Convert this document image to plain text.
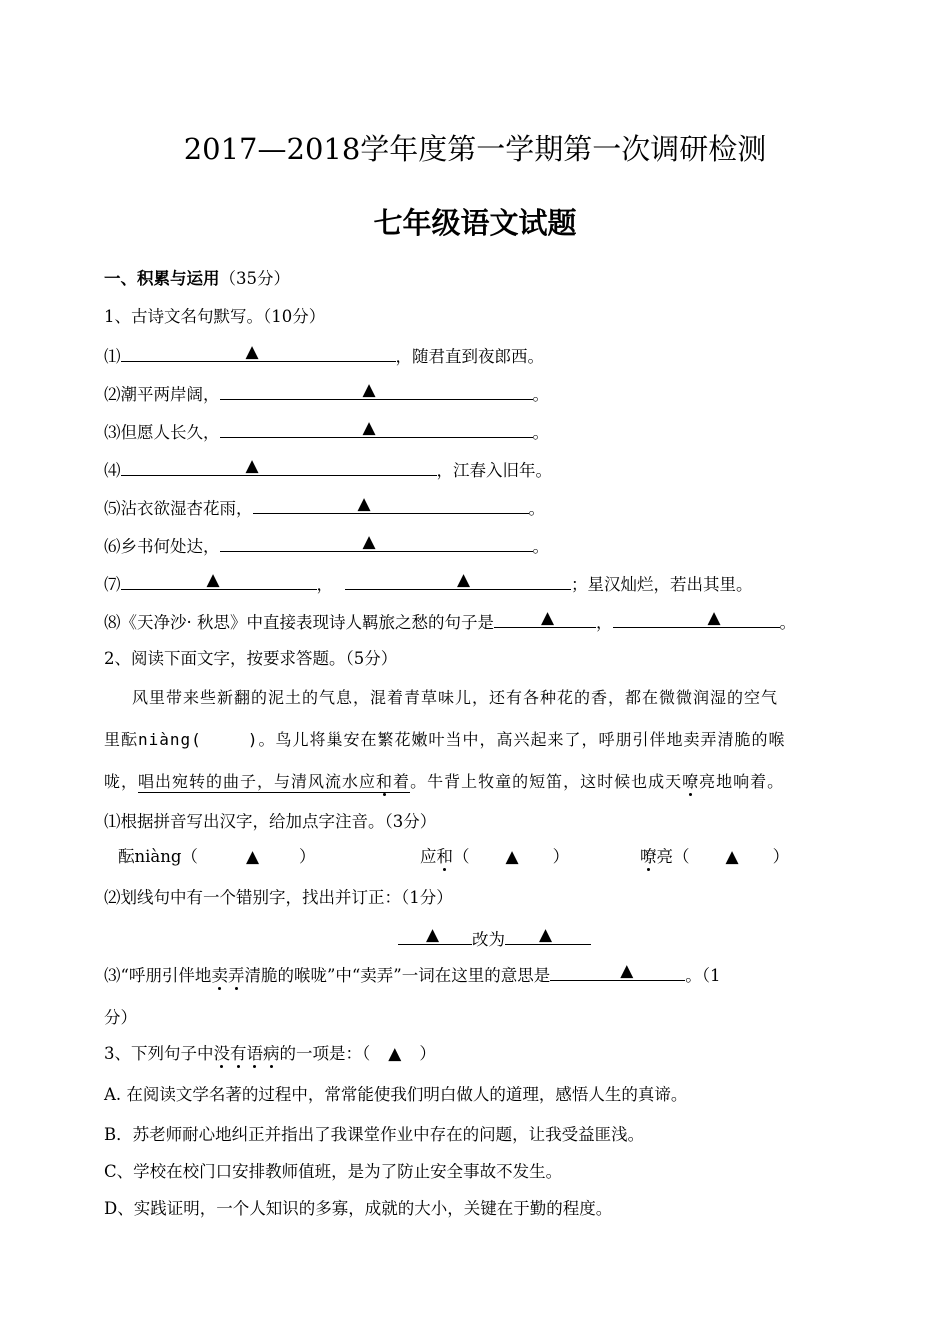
2017—2018学年度第一学期第一次调研检测
七年级语文试题
一、积累与运用（35分）
1、古诗文名句默写。（10分）
⑴	▲	，随君直到夜郎西。
⑵潮平两岸阔，	▲	。
⑶但愿人长久，	▲	。
⑷	▲	，江春入旧年。
⑸沾衣欲湿杏花雨，	▲	。
⑹乡书何处达，	▲	。
⑺	▲	，	▲	；星汉灿烂，若出其里。
⑻《天净沙· 秋思》中直接表现诗人羁旅之愁的句子是	▲	，	▲	。
2、阅读下面文字，按要求答题。（5分）
风里带来些新翻的泥土的气息，混着青草味儿，还有各种花的香，都在微微润湿的空气
里酝niàng(	)。鸟儿将巢安在繁花嫩叶当中，高兴起来了，呼朋引伴地卖弄清脆的喉
咙，唱出宛转的曲子，与清风流水应和着。牛背上牧童的短笛，这时候也成天嘹亮地响着。
⑴根据拼音写出汉字，给加点字注音。（3分）
酝niàng（	▲ ）	应和（ ▲ ）	嘹亮（ ▲ ）
⑵划线句中有一个错别字，找出并订正：（1分）
▲ 改为 ▲
⑶“呼朋引伴地卖弄清脆的喉咙”中“卖弄”一词在这里的意思是	▲	。（1
分）
3、下列句子中没有语病的一项是：（ ▲ ）
A. 在阅读文学名著的过程中，常常能使我们明白做人的道理，感悟人生的真谛。
B．苏老师耐心地纠正并指出了我课堂作业中存在的问题，让我受益匪浅。
C、学校在校门口安排教师值班，是为了防止安全事故不发生。
D、实践证明，一个人知识的多寡，成就的大小，关键在于勤的程度。
